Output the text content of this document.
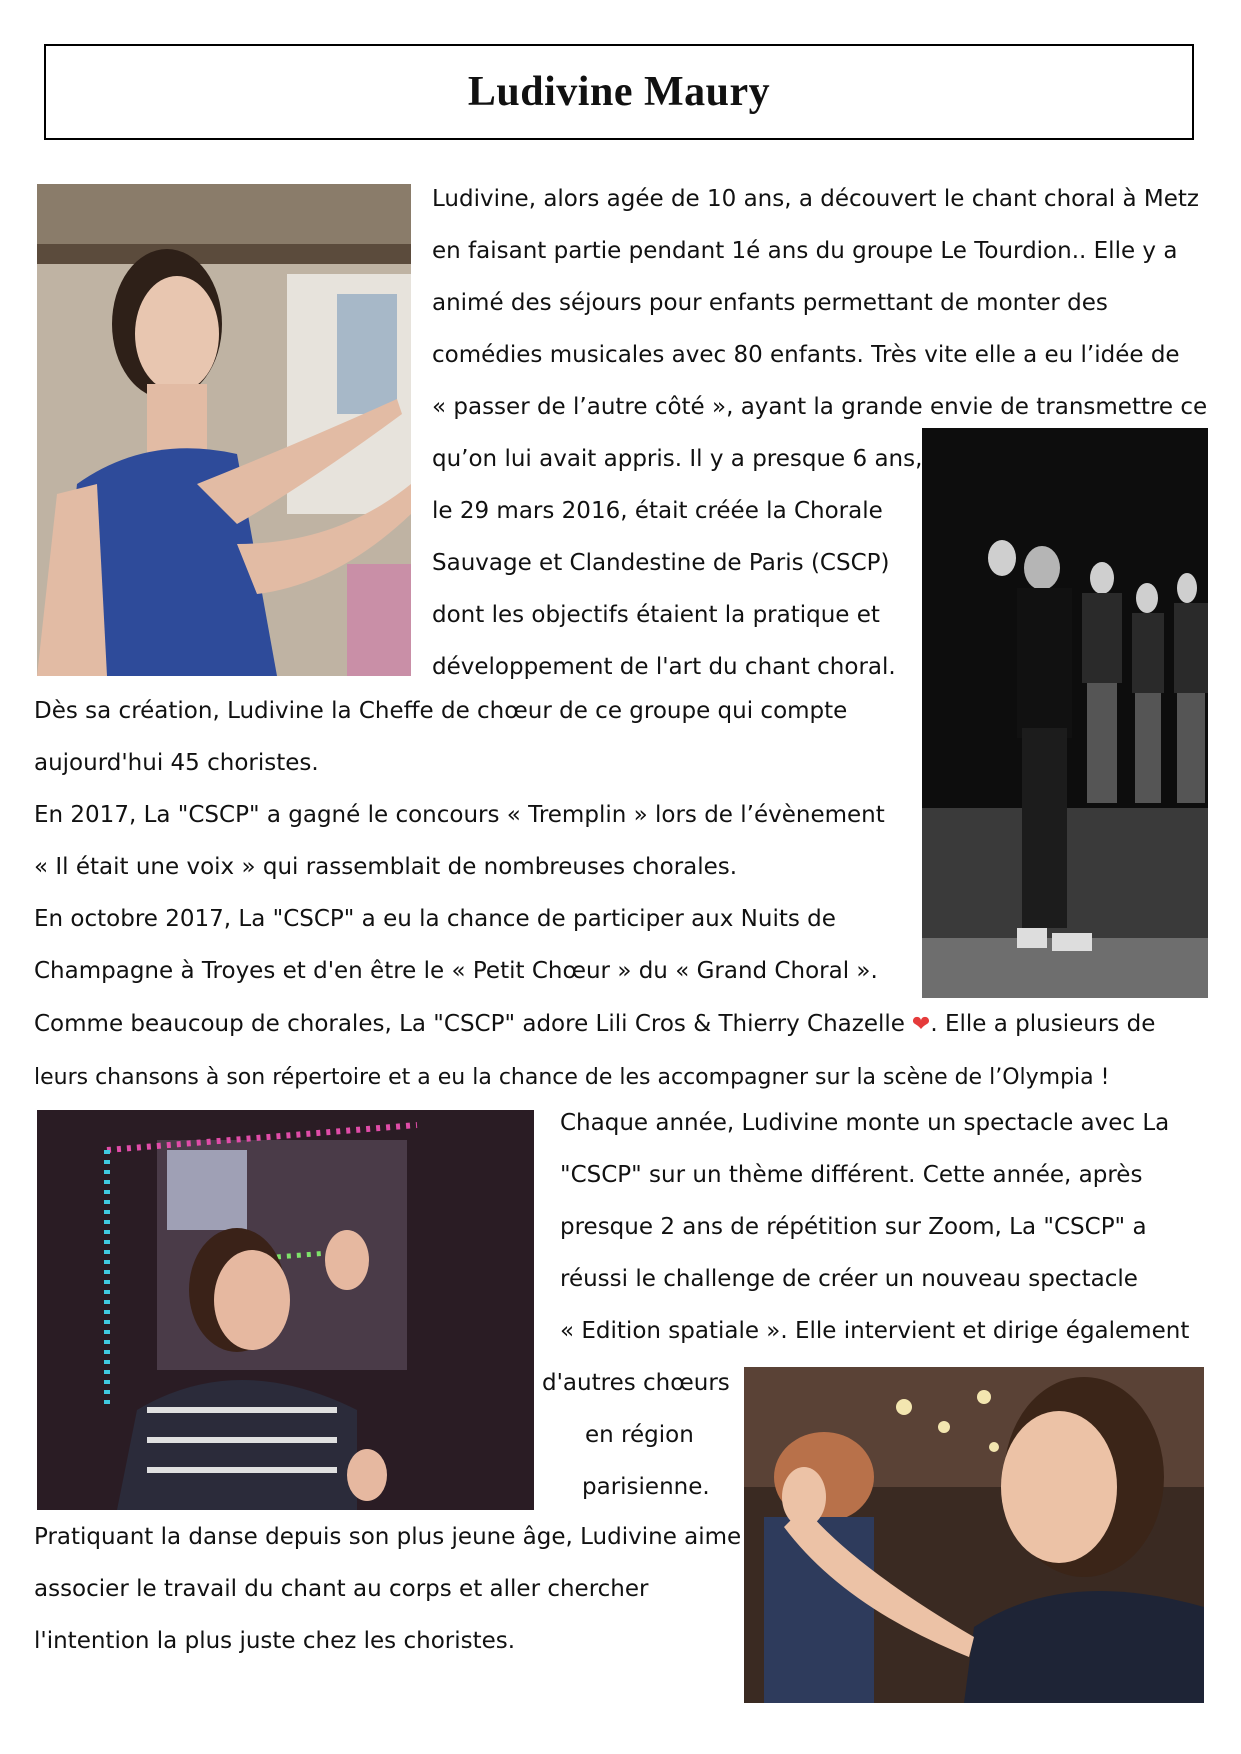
Ludivine Maury

Ludivine, alors agée de 10 ans, a découvert le chant choral à Metz

en faisant partie pendant 1é ans du groupe Le Tourdion.. Elle y a

animé des séjours pour enfants permettant de monter des

comédies musicales avec 80 enfants. Très vite elle a eu l’idée de

« passer de l’autre côté », ayant la grande envie de transmettre ce

qu’on lui avait appris. Il y a presque 6 ans,

le 29 mars 2016, était créée la Chorale

Sauvage et Clandestine de Paris (CSCP)

dont les objectifs étaient la pratique et

développement de l'art du chant choral.

Dès sa création, Ludivine la Cheffe de chœur de ce groupe qui compte

aujourd'hui 45 choristes.

En 2017, La "CSCP" a gagné le concours « Tremplin » lors de l’évènement

« Il était une voix » qui rassemblait de nombreuses chorales.

En octobre 2017, La "CSCP" a eu la chance de participer aux Nuits de

Champagne à Troyes et d'en être le « Petit Chœur » du « Grand Choral ».

Comme beaucoup de chorales, La "CSCP" adore Lili Cros & Thierry Chazelle ❤. Elle a plusieurs de

leurs chansons à son répertoire et a eu la chance de les accompagner sur la scène de l’Olympia !

Chaque année, Ludivine monte un spectacle avec La

"CSCP" sur un thème différent. Cette année, après

presque 2 ans de répétition sur Zoom, La "CSCP" a

réussi le challenge de créer un nouveau spectacle

« Edition spatiale ». Elle intervient et dirige également

d'autres chœurs

en région

parisienne.

Pratiquant la danse depuis son plus jeune âge, Ludivine aime

associer le travail du chant au corps et aller chercher

l'intention la plus juste chez les choristes.
